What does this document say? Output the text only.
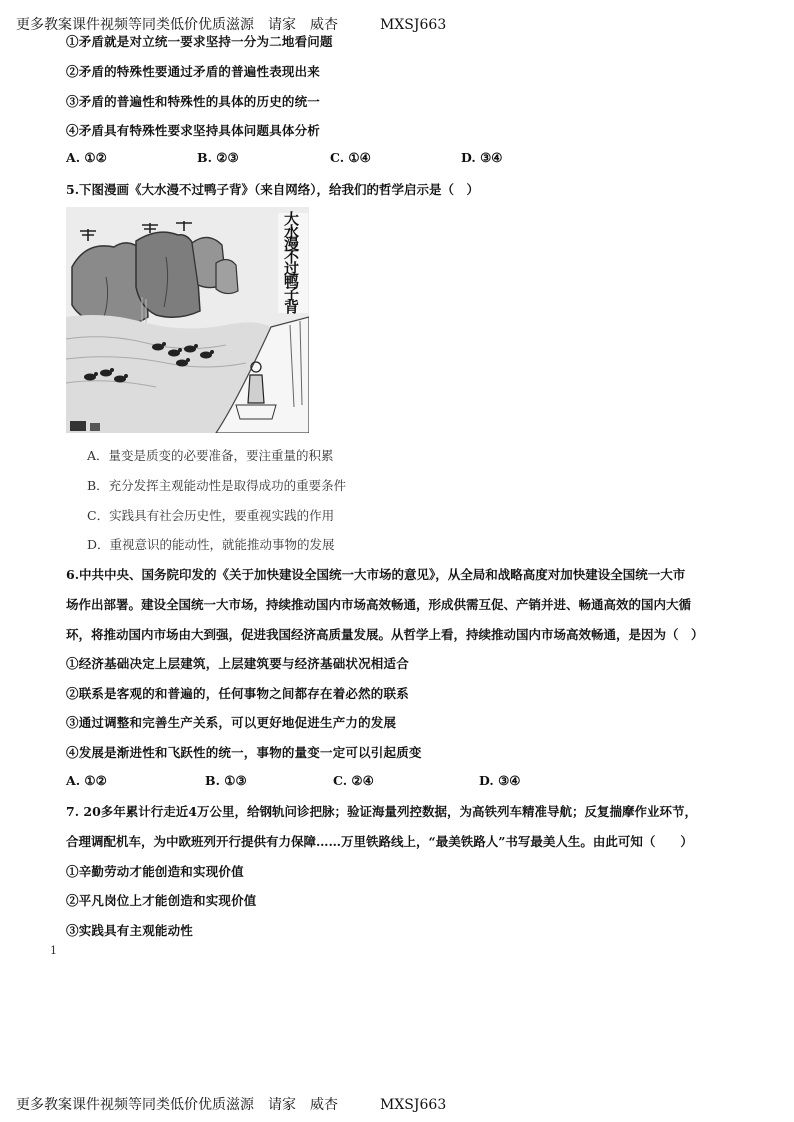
更多教案课件视频等同类低价优质滋源　请家　威杏　　　MXSJ663
①矛盾就是对立统一要求坚持一分为二地看问题
②矛盾的特殊性要通过矛盾的普遍性表现出来
③矛盾的普遍性和特殊性的具体的历史的统一
④矛盾具有特殊性要求坚持具体问题具体分析
A. ①②	B. ②③	C. ①④	D. ③④
5.下图漫画《大水漫不过鸭子背》（来自网络），给我们的哲学启示是（　）
大水漫不过鸭子背
A．量变是质变的必要准备，要注重量的积累
B．充分发挥主观能动性是取得成功的重要条件
C．实践具有社会历史性，要重视实践的作用
D．重视意识的能动性，就能推动事物的发展
6.中共中央、国务院印发的《关于加快建设全国统一大市场的意见》，从全局和战略高度对加快建设全国统一大市
场作出部署。建设全国统一大市场，持续推动国内市场高效畅通，形成供需互促、产销并进、畅通高效的国内大循
环，将推动国内市场由大到强，促进我国经济高质量发展。从哲学上看，持续推动国内市场高效畅通，是因为（　）
①经济基础决定上层建筑，上层建筑要与经济基础状况相适合
②联系是客观的和普遍的，任何事物之间都存在着必然的联系
③通过调整和完善生产关系，可以更好地促进生产力的发展
④发展是渐进性和飞跃性的统一，事物的量变一定可以引起质变
A. ①②	B. ①③	C. ②④	D. ③④
7. 20多年累计行走近4万公里，给钢轨问诊把脉；验证海量列控数据，为高铁列车精准导航；反复揣摩作业环节，
合理调配机车，为中欧班列开行提供有力保障……万里铁路线上，“最美铁路人”书写最美人生。由此可知（　　）
①辛勤劳动才能创造和实现价值
②平凡岗位上才能创造和实现价值
③实践具有主观能动性
1
更多教案课件视频等同类低价优质滋源　请家　威杏　　　MXSJ663
